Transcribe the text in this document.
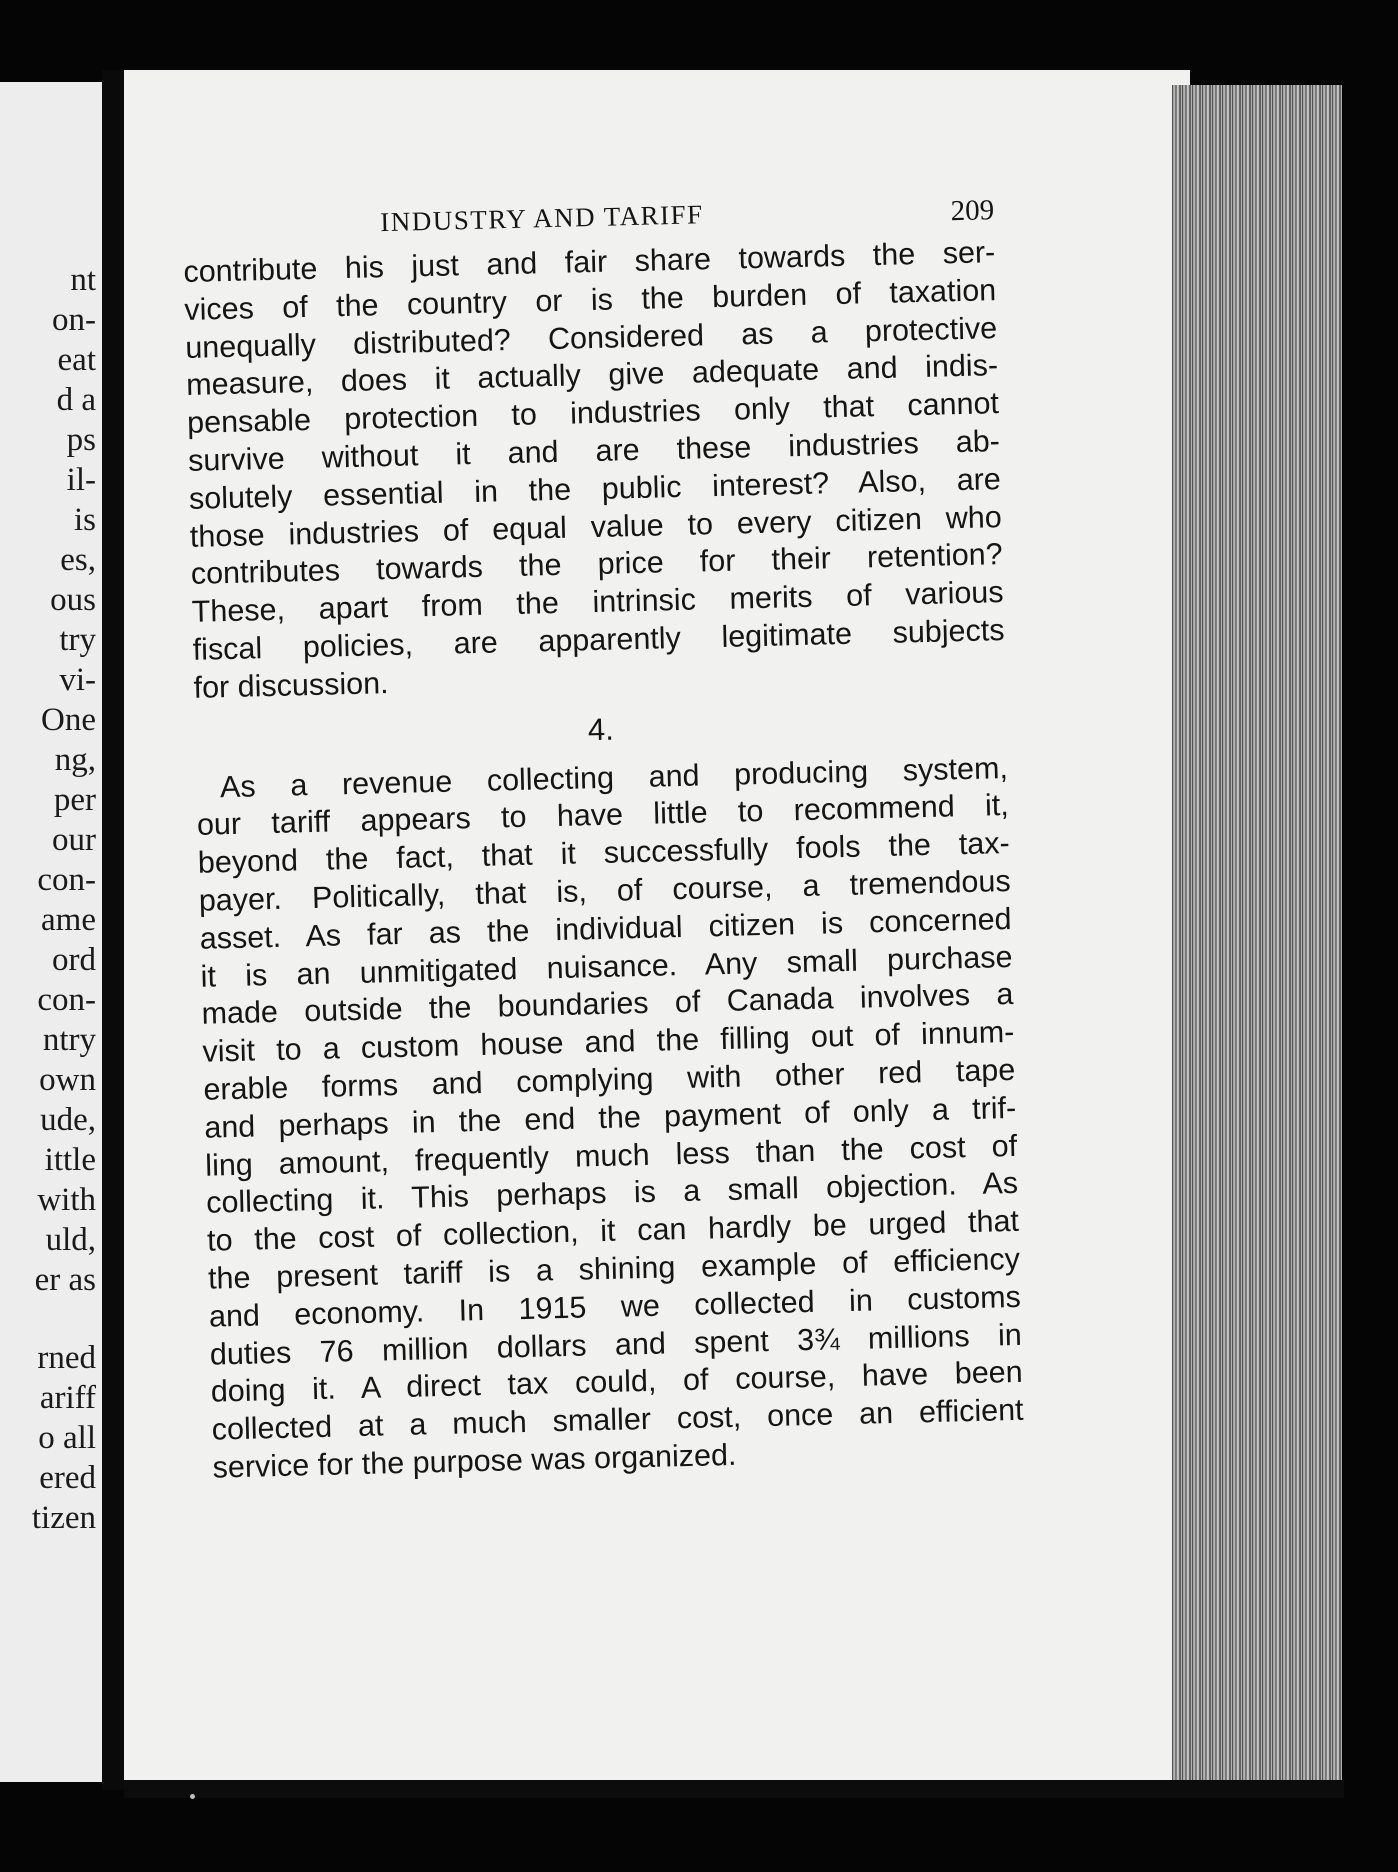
nt
on-
eat
d a
ps
il-
is
es,
ous
try
vi-
One
ng,
per
our
con-
ame
ord
con-
ntry
own
ude,
ittle
with
uld,
er as
rned
ariff
o all
ered
tizen
INDUSTRY AND TARIFF	209
contribute his just and fair share towards the ser-
vices of the country or is the burden of taxation
unequally distributed? Considered as a protective
measure, does it actually give adequate and indis-
pensable protection to industries only that cannot
survive without it and are these industries ab-
solutely essential in the public interest? Also, are
those industries of equal value to every citizen who
contributes towards the price for their retention?
These, apart from the intrinsic merits of various
fiscal policies, are apparently legitimate subjects
for discussion.
4.
As a revenue collecting and producing system,
our tariff appears to have little to recommend it,
beyond the fact, that it successfully fools the tax-
payer. Politically, that is, of course, a tremendous
asset. As far as the individual citizen is concerned
it is an unmitigated nuisance. Any small purchase
made outside the boundaries of Canada involves a
visit to a custom house and the filling out of innum-
erable forms and complying with other red tape
and perhaps in the end the payment of only a trif-
ling amount, frequently much less than the cost of
collecting it. This perhaps is a small objection. As
to the cost of collection, it can hardly be urged that
the present tariff is a shining example of efficiency
and economy. In 1915 we collected in customs
duties 76 million dollars and spent 3¾ millions in
doing it. A direct tax could, of course, have been
collected at a much smaller cost, once an efficient
service for the purpose was organized.
